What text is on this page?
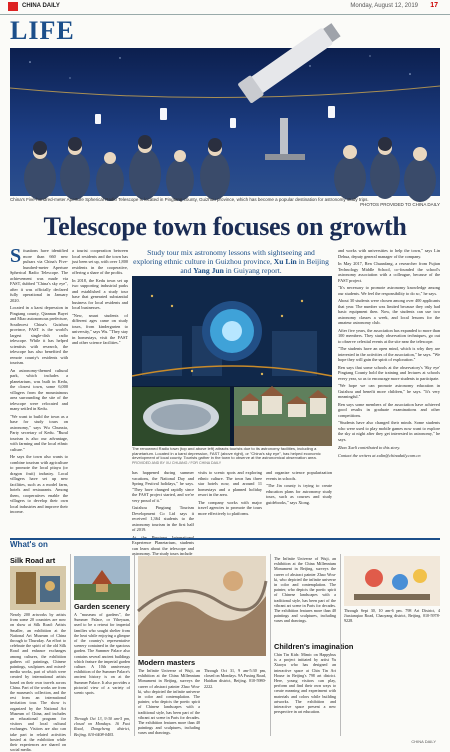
CHINA DAILY	Monday, August 12, 2019 17
LIFE
China's Five-hundred-meter Aperture Spherical Radio Telescope is located in Pingtang county, Guizhou province, which has become a popular destination for astronomy study trips.
PHOTOS PROVIDED TO CHINA DAILY
Telescope town focuses on growth
Situations have identified more than 660 new pulsars via China's Five-hundred-meter Aperture Spherical Radio Telescope. The achievement was made via FAST, dubbed "China's sky eye", after it was officially declared fully operational in January 2020.

Located in a karst depression in Pingtang county, Qiannan Buyei and Miao autonomous prefecture, Southwest China's Guizhou province, FAST is the world's largest single-dish radio telescope. While it has helped scientists with research, the telescope has also benefited the remote county's residents with tourism.

An astronomy-themed cultural park, which includes a planetarium, was built in Kedu, the closest town, some 6,000 villagers from the mountainous area surrounding the site of the telescope were relocated and many settled in Kedu.

"We want to build the town as a base for study tours on astronomy," says Wu Chunxia, Party secretary of Kedu. "Rural tourism is also our advantage, with farming and the local ethnic culture."

He says the town also wants to combine tourism with agriculture to promote the local pitaya (or dragon fruit) industry. Local villagers have set up new facilities, such as a model farm, hotels and restaurants. Among them, cooperatives enable the villagers to develop their own local industries and improve their income.

a tourist cooperation between local residents and the town has just been set up, with over 1,800 residents in the cooperative, offering a share of the profits.

In 2018, the Kedu town set up two supporting industrial parks and established a study tour base that generated substantial business for local residents and local businesses.

"New, smart students of different ages came on study tours, from kindergarten to university," says Wu. "They stay in homestays, visit the FAST and other science facilities."

Study tour mix astronomy lessons with sightseeing and exploring ethnic culture in Guizhou province, Xu Lin in Beijing and Yang Jun in Guiyang report.
The renowned Radio town (top and above left) attracts tourists due to its astronomy facilities, including a planetarium. Located in a karst depression, FAST (above right), or "China's sky eye", has helped economic development of local county. Tourists gather in the town to observe at the astronomical observation area. PROVIDED AND BY XU CHUANG / FOR CHINA DAILY

has happened during summer vacations, the National Day and Spring Festival holidays," he says. "They have changed rapidly since the FAST project started, and we're very proud of it."

Guizhou Pingtang Tourism Development Co Ltd says it received 1,364 students to the astronomy tourism in the first half of 2019.

At the Pingtang International Experience Planetarium, students can learn about the telescope and astronomy. The study tours include

visits to scenic spots and exploring ethnic culture. The town has three star hotels now, and around 11 homestays and a planned holiday resort in the area.

The company works with major travel agencies to promote the tours more effectively to platforms.

and organize science popularization events in schools.

"The Jin county is trying to create education plans for astronomy study tours, such as courses and study guidebooks," says Xiong.

and works with universities to help the town," says Lin Dehua, deputy general manager of the company.

In May 2017, Ren Chuanfang, a researcher from Fujian Technology Middle School, co-founded the school's astronomy association with a colleague, because of the FAST project.

"It's necessary to promote astronomy knowledge among our students. We feel the responsibility to do so," he says.

About 30 students were chosen among over 400 applicants that year. The number was limited because they only had basic equipment then. Now, the students can use two astronomy classes a week, and local lessons for the amateur astronomy club.

After five years, the association has expanded to more than 100 members. They study observation techniques, go out to observe celestial events at the site near the telescope.

"The students have an open mind, which is why they are interested in the activities of the association," he says. "We hope they will gain the spirit of exploration."

Ren says that some schools at the observatory's 'Sky eye' Pingtang County hold the training and lectures at schools every year, so as to encourage more students to participate.

"We hope we can promote astronomy education in Guizhou and benefit more children," he says. "It's very meaningful."

Ren says some members of the association have achieved good results in graduate examinations and other competitions.

"Students have also changed their minds. Some students who were used to play mobile games now want to explore the sky at night after they get interested in astronomy," he says.

Zhao Xueli contributed to this story.

Contact the writers at xulin@chinadaily.com.cn

What's on
Silk Road art
Nearly 200 artworks by artists from some 20 countries are now on show at Silk Road: Artists Smaller, an exhibition at the National Art Museum of China through to Thursday. An effort to celebrate the spirit of the old Silk Road and enhance exchanges among cultures, the exhibition gathers oil paintings, Chinese paintings, sculptures and mixed-media works, part of which were created by international artists based on their own travels across China. Part of the works are from the museum's collection, and the rest from an international invitation tour. The show is organized by the National Art Museum of China, and includes an educational program for visitors and local cultural exchanges. Visitors are also can take part in related activities hosted at the exhibition while their experiences are shared on social media.
Garden scenery
A "museum of gardens", the Summer Palace, or Yiheyuan, used to be a retreat for imperial families who sought shelter from the heat while enjoying a glimpse of the country's representative scenery contained in the spacious garden. The Summer Palace also contains several ancient buildings which feature the imperial garden culture. A 10th anniversary exhibition of the Summer Palace's ancient history is on at the Summer Palace. It also provides a pictorial view of a variety of scenic spots.
Through Oct 13, 9:30 am-5 pm, closed on Mondays. 16 Fuxi Road, Dongcheng district, Beijing. 010-6408-0405.
Modern masters
The Infinite Universe of Wuji, an exhibition at the China Millennium Monument in Beijing, surveys the career of abstract painter Zhao Wou-ki, who depicted the infinite universe in color and contemplation. The painter, who depicts the poetic spirit of Chinese landscapes with a traditional style, has been part of the vibrant art scene in Paris for decades. The exhibition features more than 40 paintings and sculptures, including vases and drawings.
Through Oct 31, 9 am-5:30 pm, closed on Mondays. 9A Fuxing Road, Haidian district, Beijing. 010-5980-2222.
The Infinite Universe of Wuji, an exhibition at the China Millennium Monument in Beijing, surveys the career of abstract painter Zhao Wou-ki, who depicted the infinite universe in color and contemplation. The painter, who depicts the poetic spirit of Chinese landscapes with a traditional style, has been part of the vibrant art scene in Paris for decades. The exhibition features more than 40 paintings and sculptures, including vases and drawings.
Children's imagination
Chin Tin Kids: Mimic on Happybus is a project initiated by artist Yu Xiaoyu who has designed an interactive space at Chin Tin Art House in Beijing's 798 art district. Here, young visitors can play, perform and find their own ways to create meaning and experiment with materials and colors while building artworks. The exhibition and interactive space present a new perspective in art education.
Through Sept 30, 10 am-6 pm. 798 Art District, 4 Jiuxianqiao Road, Chaoyang district, Beijing. 010-5978-9228.
CHINA DAILY
